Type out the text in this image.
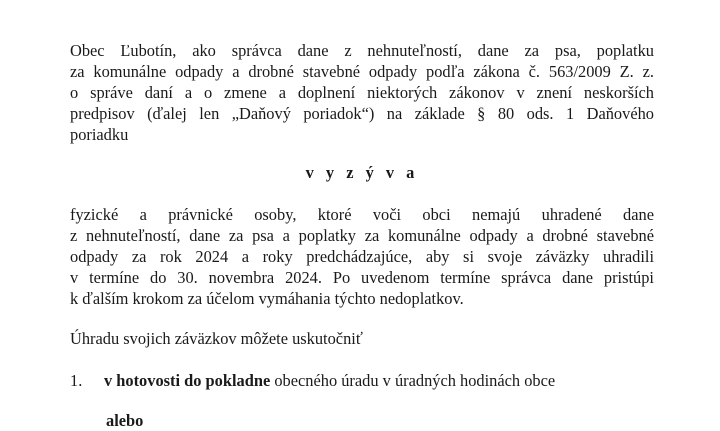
Obec Ľubotín, ako správca dane z nehnuteľností, dane za psa, poplatku
za komunálne odpady a drobné stavebné odpady podľa zákona č. 563/2009 Z. z.
o správe daní a o zmene a doplnení niektorých zákonov v znení neskorších
predpisov (ďalej len „Daňový poriadok“) na základe § 80 ods. 1 Daňového
poriadku
v y z ý v a
fyzické a právnické osoby, ktoré voči obci nemajú uhradené dane
z nehnuteľností, dane za psa a poplatky za komunálne odpady a drobné stavebné
odpady za rok 2024 a roky predchádzajúce, aby si svoje záväzky uhradili
v termíne do 30. novembra 2024. Po uvedenom termíne správca dane pristúpi
k ďalším krokom za účelom vymáhania týchto nedoplatkov.
Úhradu svojich záväzkov môžete uskutočniť
1. v hotovosti do pokladne obecného úradu v úradných hodinách obce
alebo
